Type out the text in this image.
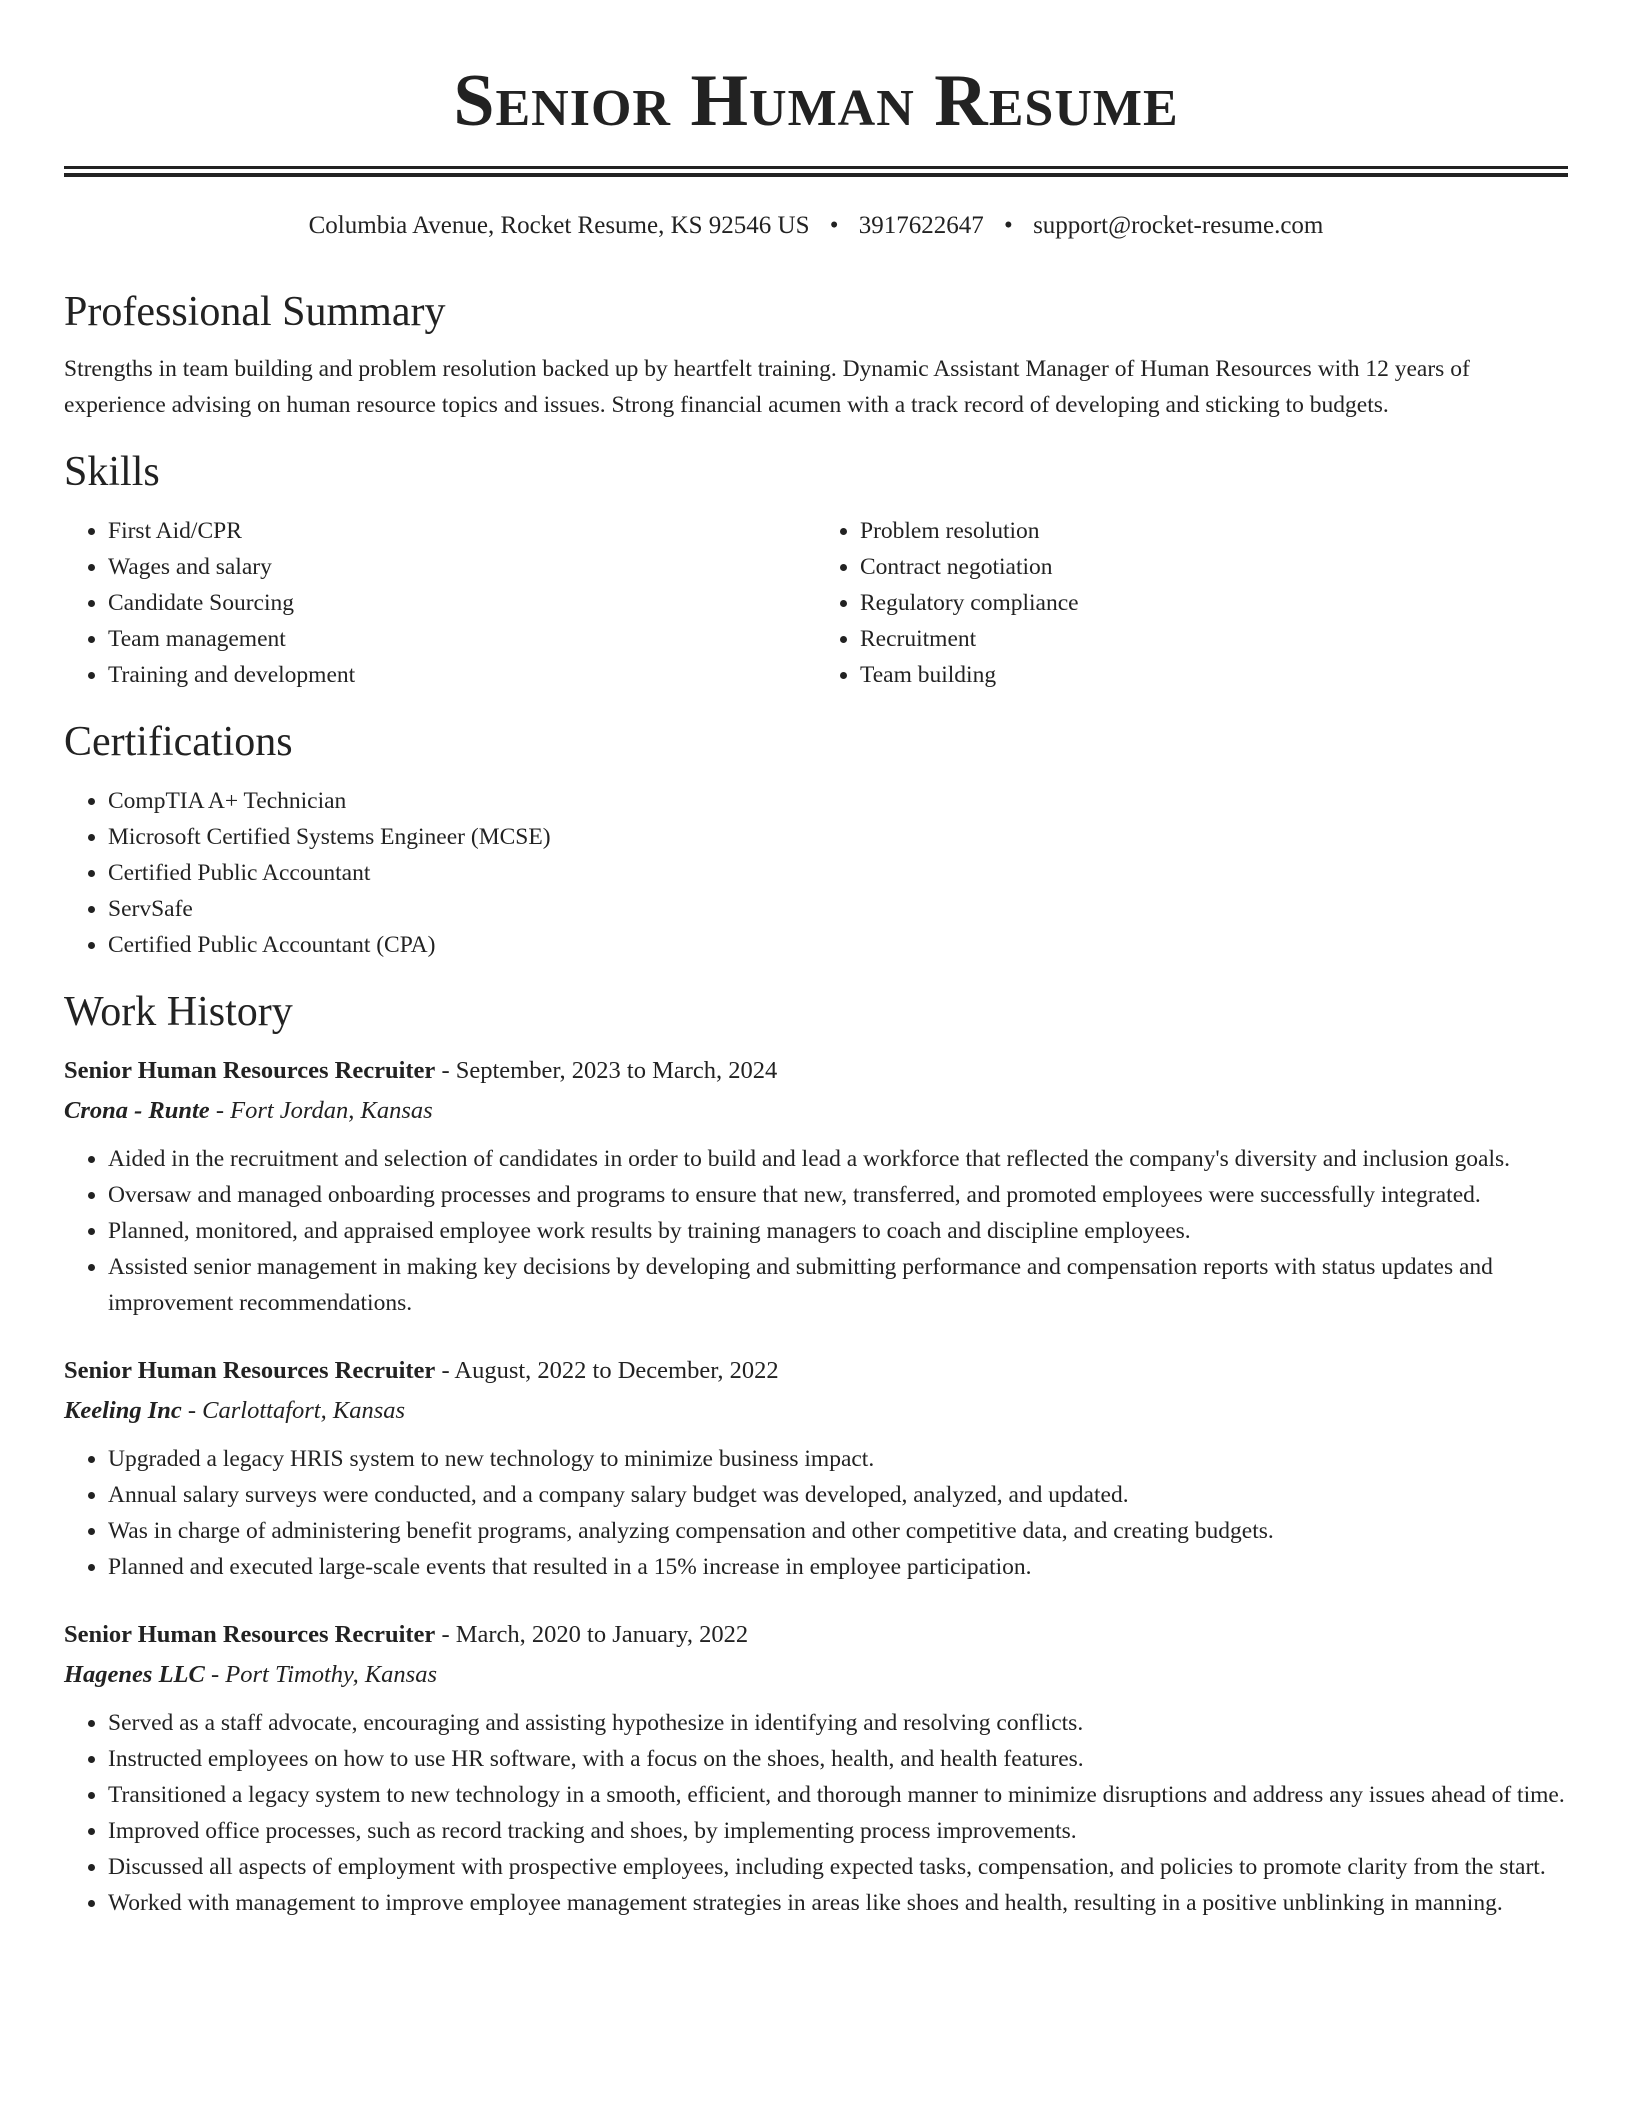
Senior Human Resume
Columbia Avenue, Rocket Resume, KS 92546 US • 3917622647 • support@rocket-resume.com
Professional Summary

Strengths in team building and problem resolution backed up by heartfelt training. Dynamic Assistant Manager of Human Resources with 12 years of experience advising on human resource topics and issues. Strong financial acumen with a track record of developing and sticking to budgets.

Skills
• First Aid/CPR
• Wages and salary
• Candidate Sourcing
• Team management
• Training and development
• Problem resolution
• Contract negotiation
• Regulatory compliance
• Recruitment
• Team building
Certifications
• CompTIA A+ Technician
• Microsoft Certified Systems Engineer (MCSE)
• Certified Public Accountant
• ServSafe
• Certified Public Accountant (CPA)
Work History
Senior Human Resources Recruiter - September, 2023 to March, 2024
Crona - Runte - Fort Jordan, Kansas
• Aided in the recruitment and selection of candidates in order to build and lead a workforce that reflected the company's diversity and inclusion goals.
• Oversaw and managed onboarding processes and programs to ensure that new, transferred, and promoted employees were successfully integrated.
• Planned, monitored, and appraised employee work results by training managers to coach and discipline employees.
• Assisted senior management in making key decisions by developing and submitting performance and compensation reports with status updates and improvement recommendations.
Senior Human Resources Recruiter - August, 2022 to December, 2022
Keeling Inc - Carlottafort, Kansas
• Upgraded a legacy HRIS system to new technology to minimize business impact.
• Annual salary surveys were conducted, and a company salary budget was developed, analyzed, and updated.
• Was in charge of administering benefit programs, analyzing compensation and other competitive data, and creating budgets.
• Planned and executed large-scale events that resulted in a 15% increase in employee participation.
Senior Human Resources Recruiter - March, 2020 to January, 2022
Hagenes LLC - Port Timothy, Kansas
• Served as a staff advocate, encouraging and assisting hypothesize in identifying and resolving conflicts.
• Instructed employees on how to use HR software, with a focus on the shoes, health, and health features.
• Transitioned a legacy system to new technology in a smooth, efficient, and thorough manner to minimize disruptions and address any issues ahead of time.
• Improved office processes, such as record tracking and shoes, by implementing process improvements.
• Discussed all aspects of employment with prospective employees, including expected tasks, compensation, and policies to promote clarity from the start.
• Worked with management to improve employee management strategies in areas like shoes and health, resulting in a positive unblinking in manning.
